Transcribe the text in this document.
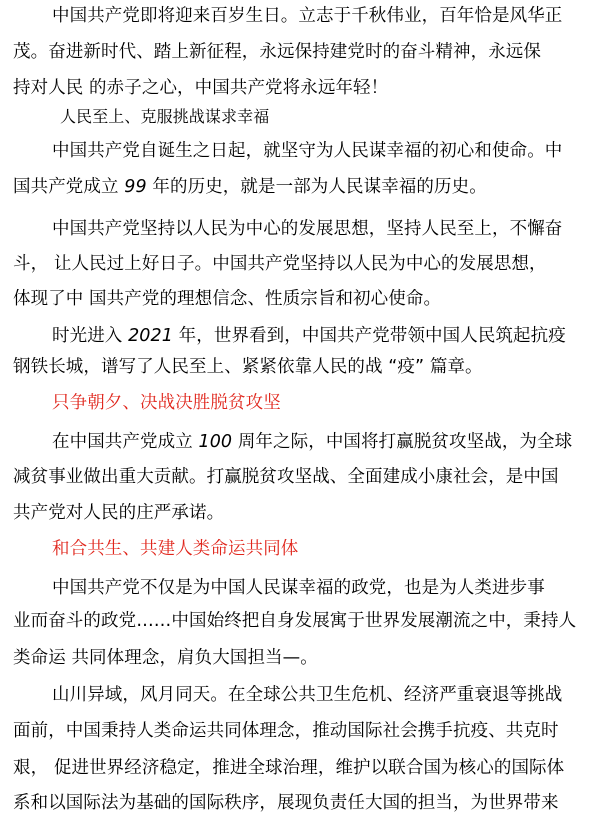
中国共产党即将迎来百岁生日。立志于千秋伟业，百年恰是风华正
茂。奋进新时代、踏上新征程，永远保持建党时的奋斗精神，永远保
持对人民 的赤子之心，中国共产党将永远年轻！
人民至上、克服挑战谋求幸福
中国共产党自诞生之日起，就坚守为人民谋幸福的初心和使命。中
国共产党成立 99 年的历史，就是一部为人民谋幸福的历史。
中国共产党坚持以人民为中心的发展思想，坚持人民至上，不懈奋
斗， 让人民过上好日子。中国共产党坚持以人民为中心的发展思想，
体现了中 国共产党的理想信念、性质宗旨和初心使命。
时光进入 2021 年，世界看到，中国共产党带领中国人民筑起抗疫
钢铁长城，谱写了人民至上、紧紧依靠人民的战 “疫” 篇章。
只争朝夕、决战决胜脱贫攻坚
在中国共产党成立 100 周年之际，中国将打赢脱贫攻坚战，为全球
减贫事业做出重大贡献。打赢脱贫攻坚战、全面建成小康社会，是中国
共产党对人民的庄严承诺。
和合共生、共建人类命运共同体
中国共产党不仅是为中国人民谋幸福的政党，也是为人类进步事
业而奋斗的政党……中国始终把自身发展寓于世界发展潮流之中，秉持人
类命运 共同体理念，肩负大国担当—。
山川异域，风月同天。在全球公共卫生危机、经济严重衰退等挑战
面前，中国秉持人类命运共同体理念，推动国际社会携手抗疫、共克时
艰， 促进世界经济稳定，推进全球治理，维护以联合国为核心的国际体
系和以国际法为基础的国际秩序，展现负责任大国的担当，为世界带来
